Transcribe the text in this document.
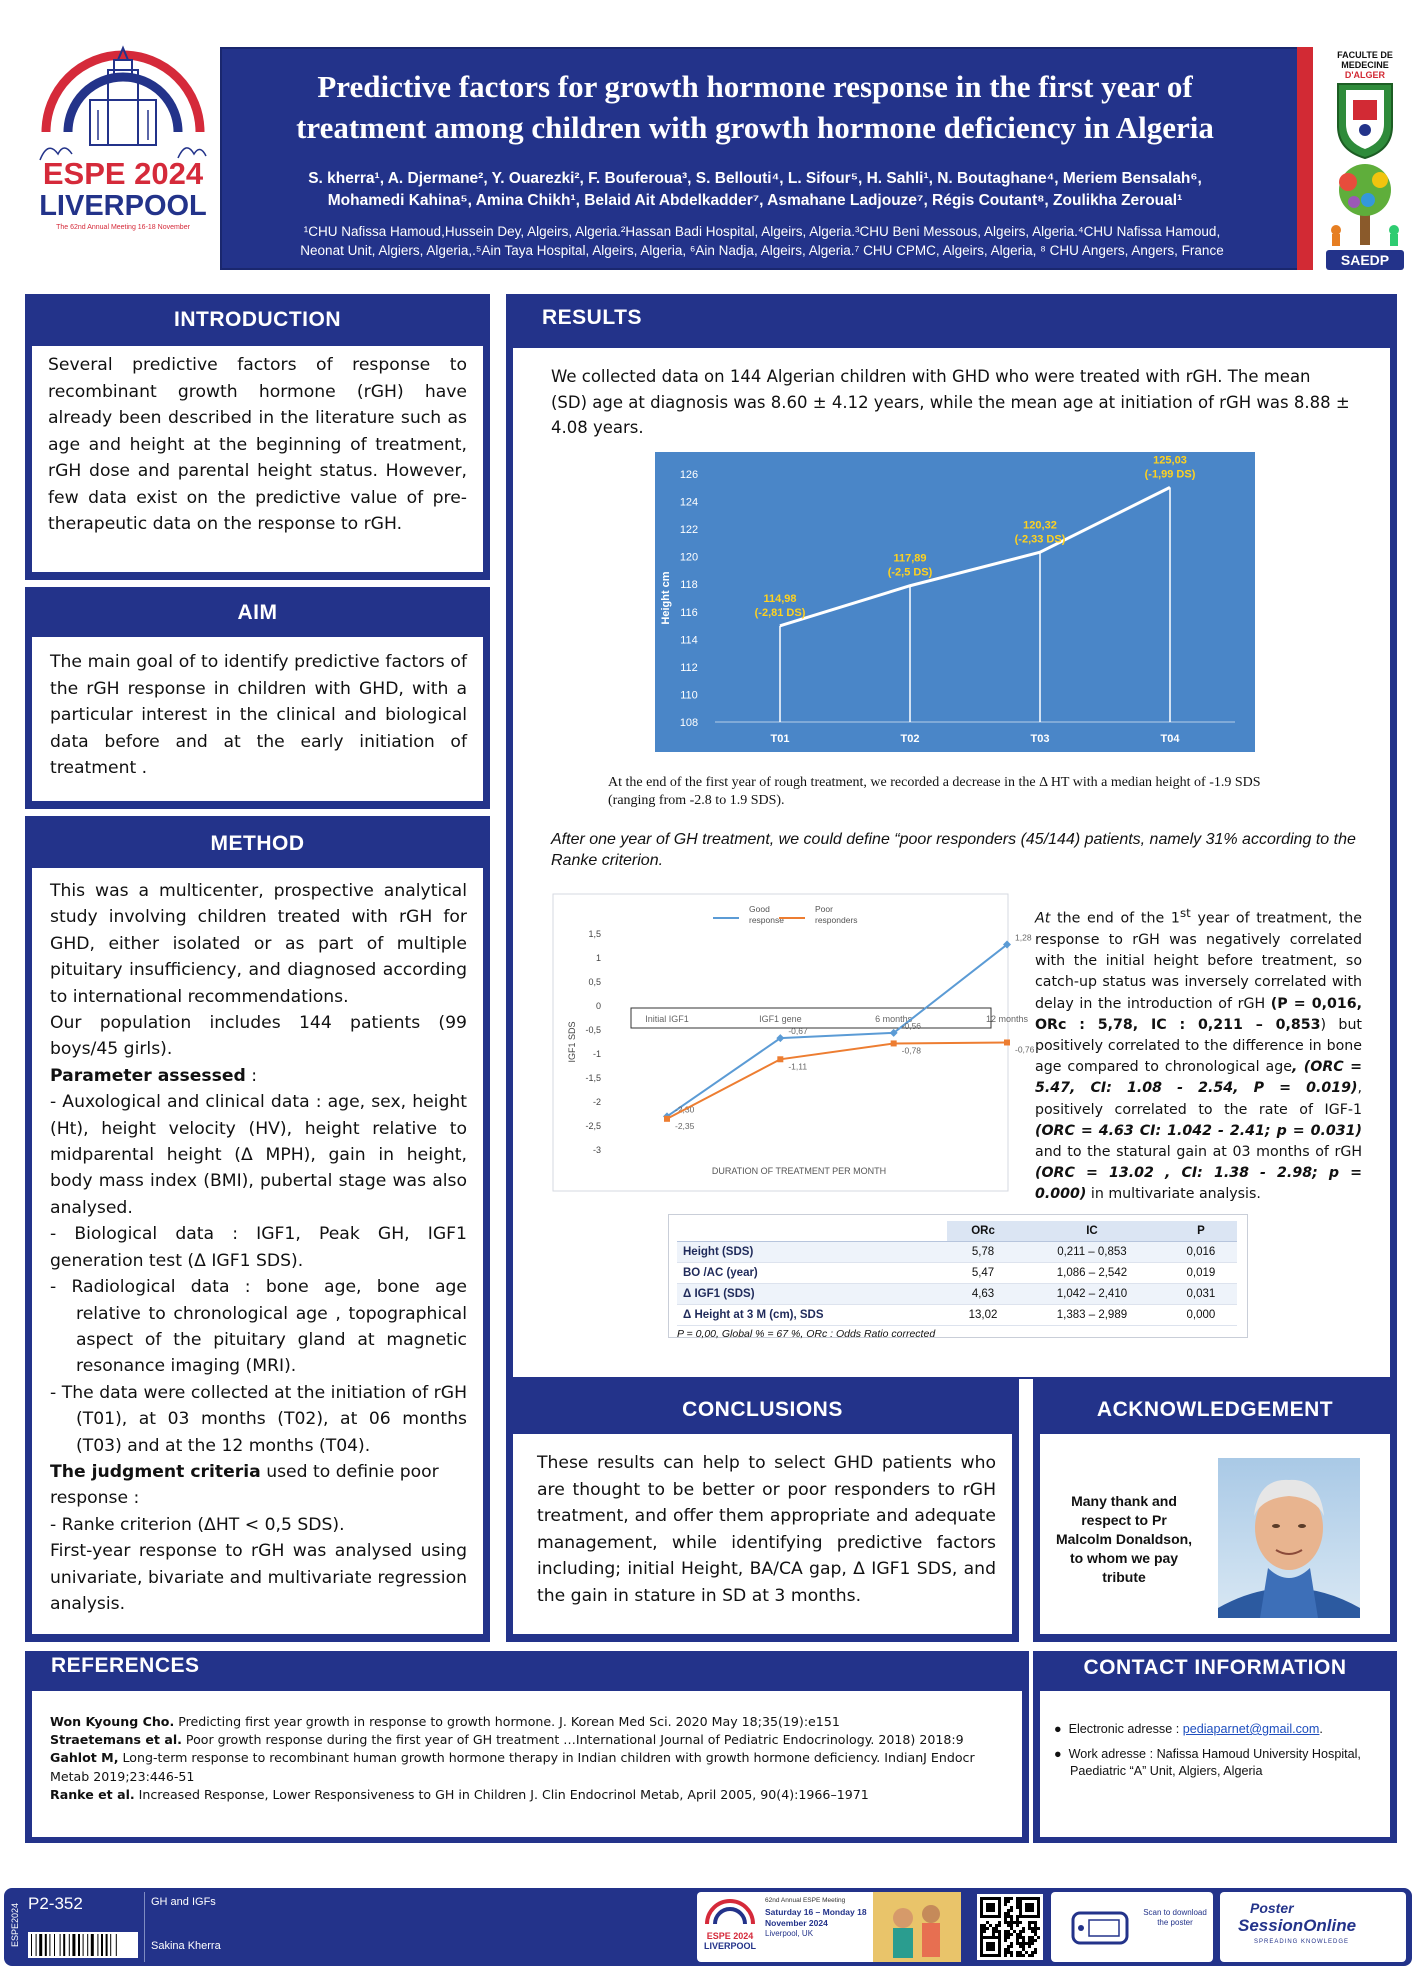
ESPE 2024
LIVERPOOL
The 62nd Annual Meeting 16-18 November
Predictive factors for growth hormone response in the first year of
treatment among children with growth hormone deficiency in Algeria
S. kherra¹, A. Djermane², Y. Ouarezki², F. Bouferoua³, S. Bellouti⁴, L. Sifour⁵, H. Sahli¹, N. Boutaghane⁴, Meriem Bensalah⁶,
Mohamedi Kahina⁵, Amina Chikh¹, Belaid Ait Abdelkadder⁷, Asmahane Ladjouze⁷, Régis Coutant⁸, Zoulikha Zeroual¹
¹CHU Nafissa Hamoud,Hussein Dey, Algeirs, Algeria.²Hassan Badi Hospital, Algeirs, Algeria.³CHU Beni Messous, Algeirs, Algeria.⁴CHU Nafissa Hamoud,
Neonat Unit, Algiers, Algeria,.⁵Ain Taya Hospital, Algeirs, Algeria, ⁶Ain Nadja, Algeirs, Algeria.⁷ CHU CPMC, Algeirs, Algeria, ⁸ CHU Angers, Angers, France
FACULTE DE MEDECINE
D'ALGER
SAEDP
INTRODUCTION
Several predictive factors of response to recombinant growth hormone (rGH) have already been described in the literature such as age and height at the beginning of treatment, rGH dose and parental height status. However, few data exist on the predictive value of pre-therapeutic data on the response to rGH.
AIM
The main goal of to identify predictive factors of the rGH response in children with GHD, with a particular interest in the clinical and biological data before and at the early initiation of treatment .
METHOD
This was a multicenter, prospective analytical study involving children treated with rGH for GHD, either isolated or as part of multiple pituitary insufficiency, and diagnosed according to international recommendations.
Our population includes 144 patients (99 boys/45 girls).
Parameter assessed :
- Auxological and clinical data : age, sex, height (Ht), height velocity (HV), height relative to midparental height (Δ MPH), gain in height, body mass index (BMI), pubertal stage was also analysed.
- Biological data : IGF1, Peak GH, IGF1 generation test (Δ IGF1 SDS).
- Radiological data : bone age, bone age relative to chronological age , topographical aspect of the pituitary gland at magnetic resonance imaging (MRI).
- The data were collected at the initiation of rGH (T01), at 03 months (T02), at 06 months (T03) and at the 12 months (T04).
The judgment criteria used to definie poor response :
- Ranke criterion (ΔHT < 0,5 SDS).
First-year response to rGH was analysed using univariate, bivariate and multivariate regression analysis.
RESULTS
We collected data on 144 Algerian children with GHD who were treated with rGH. The mean (SD) age at diagnosis was 8.60 ± 4.12 years, while the mean age at initiation of rGH was 8.88 ± 4.08 years.
126
124
122
120
118
116
114
112
110
108
Height cm
T01	T02	T03	T04
114,98
(-2,81 DS)
117,89
(-2,5 DS)
120,32
(-2,33 DS)
125,03
(-1,99 DS)
At the end of the first year of rough treatment, we recorded a decrease in the Δ HT with a median height of -1.9 SDS (ranging from -2.8 to 1.9 SDS).
After one year of GH treatment, we could define “poor responders (45/144) patients, namely 31% according to the Ranke criterion.
1,5
1
0,5
0
-0,5
-1
-1,5
-2
-2,5
-3
IGF1 SDS
Initial IGF1	IGF1 gene	6 months	12 months
DURATION OF TREATMENT PER MONTH
-2,30
-0,67
-0,56
1,28
Good
response
-2,35
-1,11
-0,78	-0,76
Poor
responders	At the end of the 1st year of treatment, the response to rGH was negatively correlated with the initial height before treatment, so catch-up status was inversely correlated with delay in the introduction of rGH (P = 0,016, ORc : 5,78, IC : 0,211 – 0,853) but positively correlated to the difference in bone age compared to chronological age, (ORC = 5.47, CI: 1.08 - 2.54, P = 0.019), positively correlated to the rate of IGF-1 (ORC = 4.63 CI: 1.042 - 2.41; p = 0.031) and to the statural gain at 03 months of rGH (ORC = 13.02 , CI: 1.38 - 2.98; p = 0.000) in multivariate analysis.
	ORc	IC	P
Height (SDS)	5,78	0,211 – 0,853	0,016
BO /AC (year)	5,47	1,086 – 2,542	0,019
Δ IGF1 (SDS)	4,63	1,042 – 2,410	0,031
Δ Height at 3 M (cm), SDS	13,02	1,383 – 2,989	0,000
P = 0,00, Global % = 67 %, ORc : Odds Ratio corrected
CONCLUSIONS
These results can help to select GHD patients who are thought to be better or poor responders to rGH treatment, and offer them appropriate and adequate management, while identifying predictive factors including; initial Height, BA/CA gap, Δ IGF1 SDS, and the gain in stature in SD at 3 months.
ACKNOWLEDGEMENT
Many thank and respect to Pr Malcolm Donaldson, to whom we pay tribute
REFERENCES
Won Kyoung Cho. Predicting first year growth in response to growth hormone. J. Korean Med Sci. 2020 May 18;35(19):e151
Straetemans et al. Poor growth response during the first year of GH treatment …International Journal of Pediatric Endocrinology. 2018) 2018:9
Gahlot M, Long-term response to recombinant human growth hormone therapy in Indian children with growth hormone deficiency. IndianJ Endocr Metab 2019;23:446-51
Ranke et al. Increased Response, Lower Responsiveness to GH in Children J. Clin Endocrinol Metab, April 2005, 90(4):1966–1971
CONTACT INFORMATION
●  Electronic adresse : pediaparnet@gmail.com.
●  Work adresse : Nafissa Hamoud University Hospital, Paediatric “A” Unit, Algiers, Algeria
ESPE2024 P2-352	GH and IGFs
Sakina Kherra
ESPE 2024
LIVERPOOL
62nd Annual ESPE Meeting
Saturday 16 – Monday 18
November 2024
Liverpool, UK
Scan to download the poster
Poster
SessionOnline
SPREADING KNOWLEDGE
